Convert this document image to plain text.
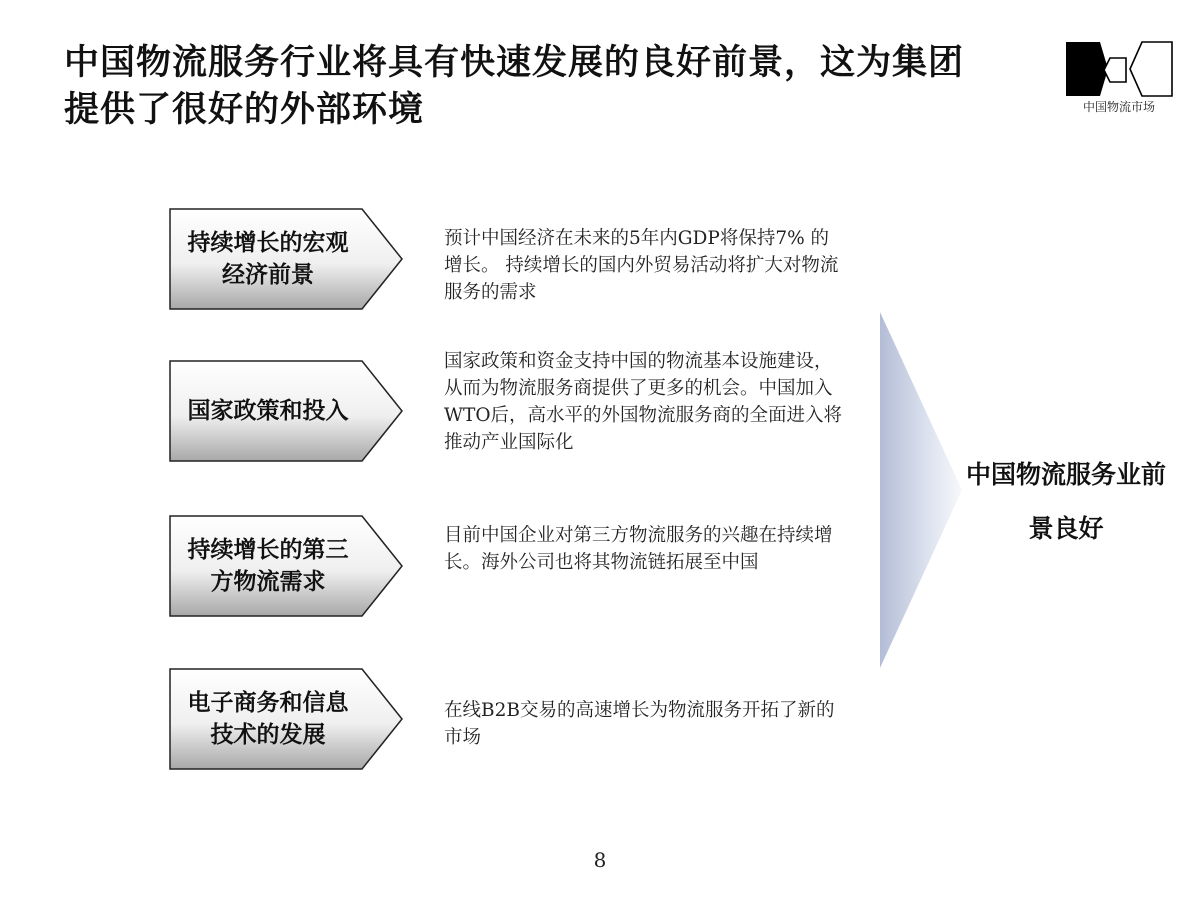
中国物流服务行业将具有快速发展的良好前景，这为集团
提供了很好的外部环境	中国物流市场
持续增长的宏观经济前景
预计中国经济在未来的5年内GDP将保持7% 的增长。 持续增长的国内外贸易活动将扩大对物流服务的需求
国家政策和投入
国家政策和资金支持中国的物流基本设施建设，从而为物流服务商提供了更多的机会。中国加入WTO后，高水平的外国物流服务商的全面进入将推动产业国际化
持续增长的第三方物流需求
目前中国企业对第三方物流服务的兴趣在持续增长。海外公司也将其物流链拓展至中国
电子商务和信息技术的发展
在线B2B交易的高速增长为物流服务开拓了新的市场
中国物流服务业前景良好
8
